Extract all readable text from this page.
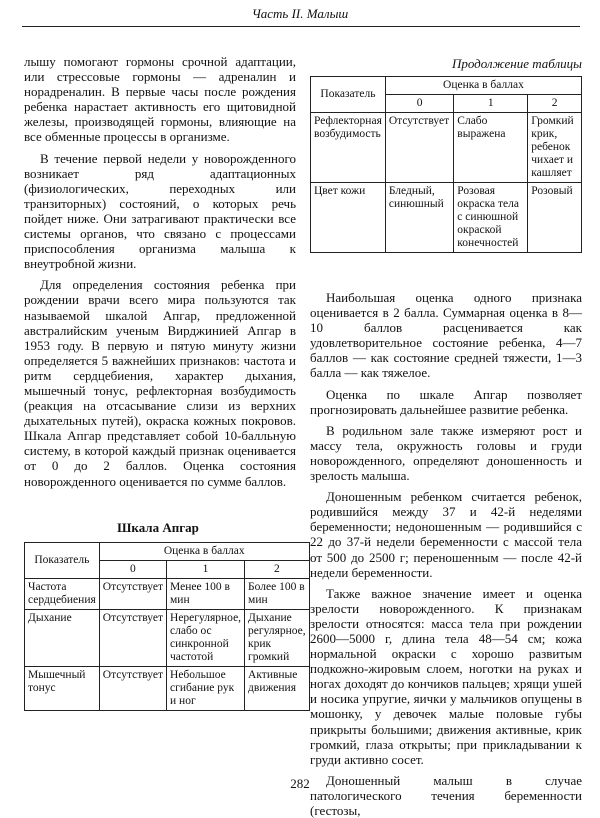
Часть II. Малыш

лышу помогают гормоны срочной адаптации, или стрессовые гормоны — адреналин и норадреналин. В первые часы после рождения ребенка нарастает активность его щитовидной железы, производящей гормоны, влияющие на все обменные процессы в организме.

В течение первой недели у новорожденного возникает ряд адаптационных (физиологических, переходных или транзиторных) состояний, о которых речь пойдет ниже. Они затрагивают практически все системы органов, что связано с процессами приспособления организма малыша к внеутробной жизни.

Для определения состояния ребенка при рождении врачи всего мира пользуются так называемой шкалой Апгар, предложенной австралийским ученым Вирджинией Апгар в 1953 году. В первую и пятую минуту жизни определяется 5 важнейших признаков: частота и ритм сердцебиения, характер дыхания, мышечный тонус, рефлекторная возбудимость (реакция на отсасывание слизи из верхних дыхательных путей), окраска кожных покровов. Шкала Апгар представляет собой 10-балльную систему, в которой каждый признак оценивается от 0 до 2 баллов. Оценка состояния новорожденного оценивается по сумме баллов.

Продолжение таблицы
Показатель	Оценка в баллах		
	0	1	2
Рефлекторная возбудимость	Отсутствует	Слабо выражена	Громкий крик, ребенок чихает и кашляет
Цвет кожи	Бледный, синюшный	Розовая окраска тела с синюшной окраской конечностей	Розовый

Наибольшая оценка одного признака оценивается в 2 балла. Суммарная оценка в 8—10 баллов расценивается как удовлетворительное состояние ребенка, 4—7 баллов — как состояние средней тяжести, 1—3 балла — как тяжелое.

Оценка по шкале Апгар позволяет прогнозировать дальнейшее развитие ребенка.

В родильном зале также измеряют рост и массу тела, окружность головы и груди новорожденного, определяют доношенность и зрелость малыша.

Доношенным ребенком считается ребенок, родившийся между 37 и 42-й неделями беременности; недоношенным — родившийся с 22 до 37-й недели беременности с массой тела от 500 до 2500 г; переношенным — после 42-й недели беременности.

Также важное значение имеет и оценка зрелости новорожденного. К признакам зрелости относятся: масса тела при рождении 2600—5000 г, длина тела 48—54 см; кожа нормальной окраски с хорошо развитым подкожно-жировым слоем, ноготки на руках и ногах доходят до кончиков пальцев; хрящи ушей и носика упругие, яички у мальчиков опущены в мошонку, у девочек малые половые губы прикрыты большими; движения активные, крик громкий, глаза открыты; при прикладывании к груди активно сосет.

Доношенный малыш в случае патологического течения беременности (гестозы,

Шкала Апгар
Показатель	Оценка в баллах		
	0	1	2
Частота сердцебиения	Отсутствует	Менее 100 в мин	Более 100 в мин
Дыхание	Отсутствует	Нерегулярное, слабо ос синкронной частотой	Дыхание регулярное, крик громкий
Мышечный тонус	Отсутствует	Небольшое сгибание рук и ног	Активные движения
282
